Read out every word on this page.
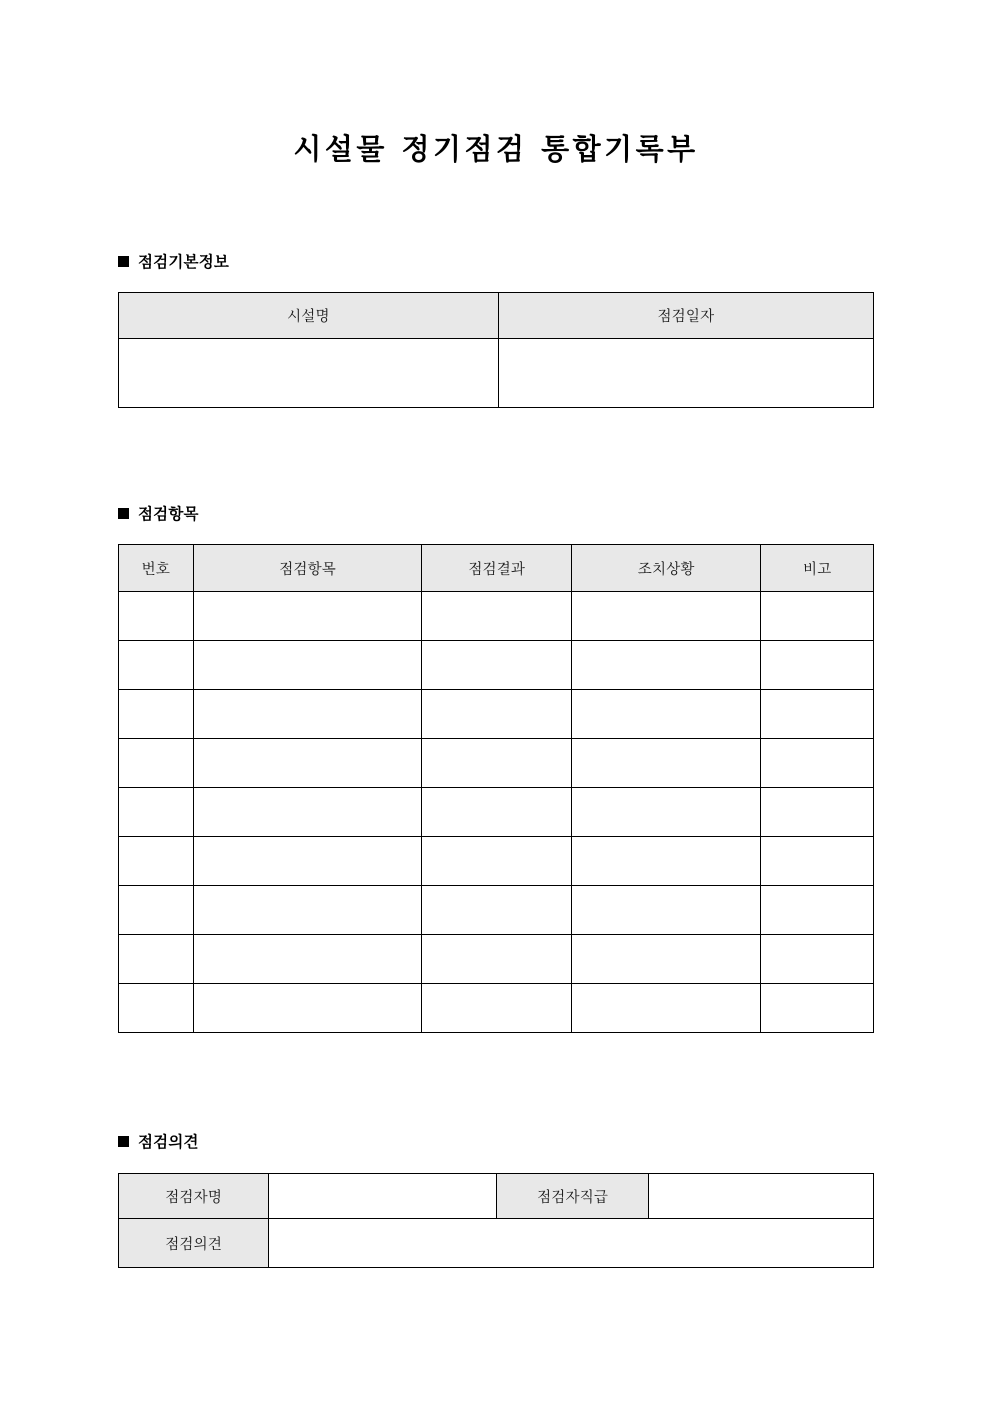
시설물 정기점검 통합기록부
점검기본정보
시설명	점검일자

점검항목
번호	점검항목	점검결과	조치상황	비고

점검의견
점검자명		점검자직급	
점검의견			
